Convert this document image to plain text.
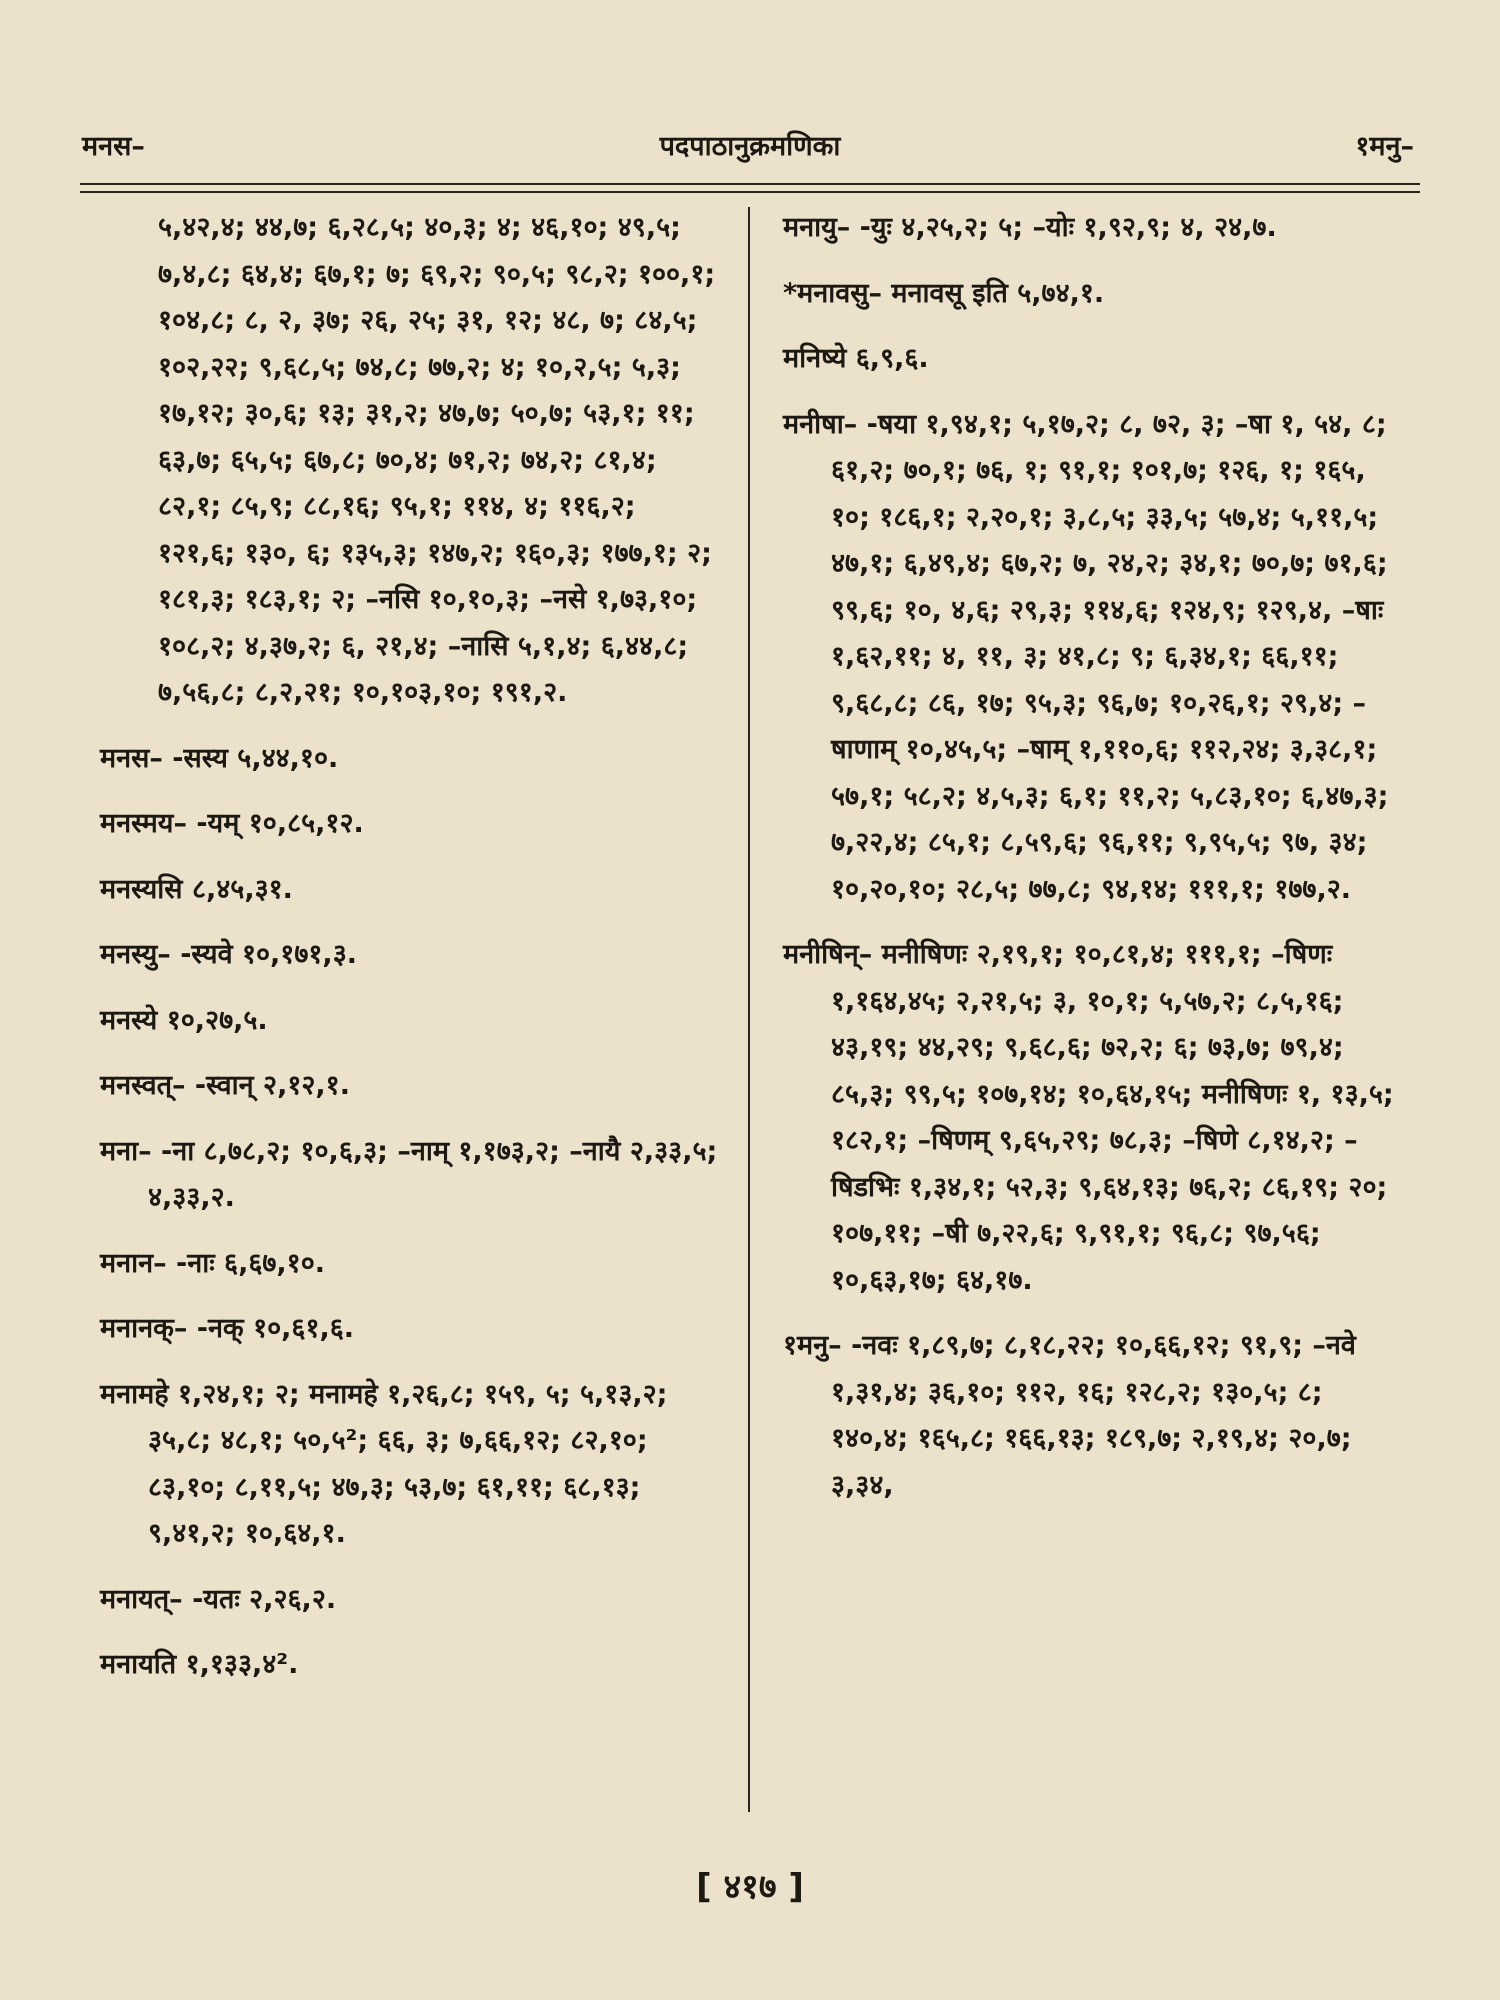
मनस–	पदपाठानुक्रमणिका	१मनु–

५,४२,४; ४४,७; ६,२८,५; ४०,३; ४; ४६,१०; ४९,५; ७,४,८; ६४,४; ६७,१; ७; ६९,२; ९०,५; ९८,२; १००,१; १०४,८; ८, २, ३७; २६, २५; ३१, १२; ४८, ७; ८४,५; १०२,२२; ९,६८,५; ७४,८; ७७,२; ४; १०,२,५; ५,३; १७,१२; ३०,६; १३; ३१,२; ४७,७; ५०,७; ५३,१; ११; ६३,७; ६५,५; ६७,८; ७०,४; ७१,२; ७४,२; ८१,४; ८२,१; ८५,९; ८८,१६; ९५,१; ११४, ४; ११६,२; १२१,६; १३०, ६; १३५,३; १४७,२; १६०,३; १७७,१; २; १८१,३; १८३,१; २; –नसि १०,१०,३; –नसे १,७३,१०; १०८,२; ४,३७,२; ६, २१,४; –नासि ५,१,४; ६,४४,८; ७,५६,८; ८,२,२१; १०,१०३,१०; १९१,२.

मनस– -सस्य ५,४४,१०.

मनस्मय– -यम् १०,८५,१२.

मनस्यसि ८,४५,३१.

मनस्यु– -स्यवे १०,१७१,३.

मनस्ये १०,२७,५.

मनस्वत्– -स्वान् २,१२,१.

मना– -ना ८,७८,२; १०,६,३; –नाम् १,१७३,२; –नायै २,३३,५; ४,३३,२.

मनान– -नाः ६,६७,१०.

मनानक्– -नक् १०,६१,६.

मनामहे १,२४,१; २; मनामहे १,२६,८; १५९, ५; ५,१३,२; ३५,८; ४८,१; ५०,५²; ६६, ३; ७,६६,१२; ८२,१०; ८३,१०; ८,११,५; ४७,३; ५३,७; ६१,११; ६८,१३; ९,४१,२; १०,६४,१.

मनायत्– -यतः २,२६,२.

मनायति १,१३३,४².

मनायु– -युः ४,२५,२; ५; –योः १,९२,९; ४, २४,७.

*मनावसु– मनावसू इति ५,७४,१.

मनिष्ये ६,९,६.

मनीषा– -षया १,९४,१; ५,१७,२; ८, ७२, ३; –षा १, ५४, ८; ६१,२; ७०,१; ७६, १; ९१,१; १०१,७; १२६, १; १६५, १०; १८६,१; २,२०,१; ३,८,५; ३३,५; ५७,४; ५,११,५; ४७,१; ६,४९,४; ६७,२; ७, २४,२; ३४,१; ७०,७; ७१,६; ९९,६; १०, ४,६; २९,३; ११४,६; १२४,९; १२९,४, –षाः १,६२,११; ४, ११, ३; ४१,८; ९; ६,३४,१; ६६,११; ९,६८,८; ८६, १७; ९५,३; ९६,७; १०,२६,१; २९,४; –षाणाम् १०,४५,५; –षाम् १,११०,६; ११२,२४; ३,३८,१; ५७,१; ५८,२; ४,५,३; ६,१; ११,२; ५,८३,१०; ६,४७,३; ७,२२,४; ८५,१; ८,५९,६; ९६,११; ९,९५,५; ९७, ३४; १०,२०,१०; २८,५; ७७,८; ९४,१४; १११,१; १७७,२.

मनीषिन्– मनीषिणः २,१९,१; १०,८१,४; १११,१; –षिणः १,१६४,४५; २,२१,५; ३, १०,१; ५,५७,२; ८,५,१६; ४३,१९; ४४,२९; ९,६८,६; ७२,२; ६; ७३,७; ७९,४; ८५,३; ९९,५; १०७,१४; १०,६४,१५; मनीषिणः १, १३,५; १८२,१; –षिणम् ९,६५,२९; ७८,३; –षिणे ८,१४,२; –षिडभिः १,३४,१; ५२,३; ९,६४,१३; ७६,२; ८६,१९; २०; १०७,११; –षी ७,२२,६; ९,९१,१; ९६,८; ९७,५६; १०,६३,१७; ६४,१७.

१मनु– -नवः १,८९,७; ८,१८,२२; १०,६६,१२; ९१,९; –नवे १,३१,४; ३६,१०; ११२, १६; १२८,२; १३०,५; ८; १४०,४; १६५,८; १६६,१३; १८९,७; २,१९,४; २०,७; ३,३४,

[ ४१७ ]
